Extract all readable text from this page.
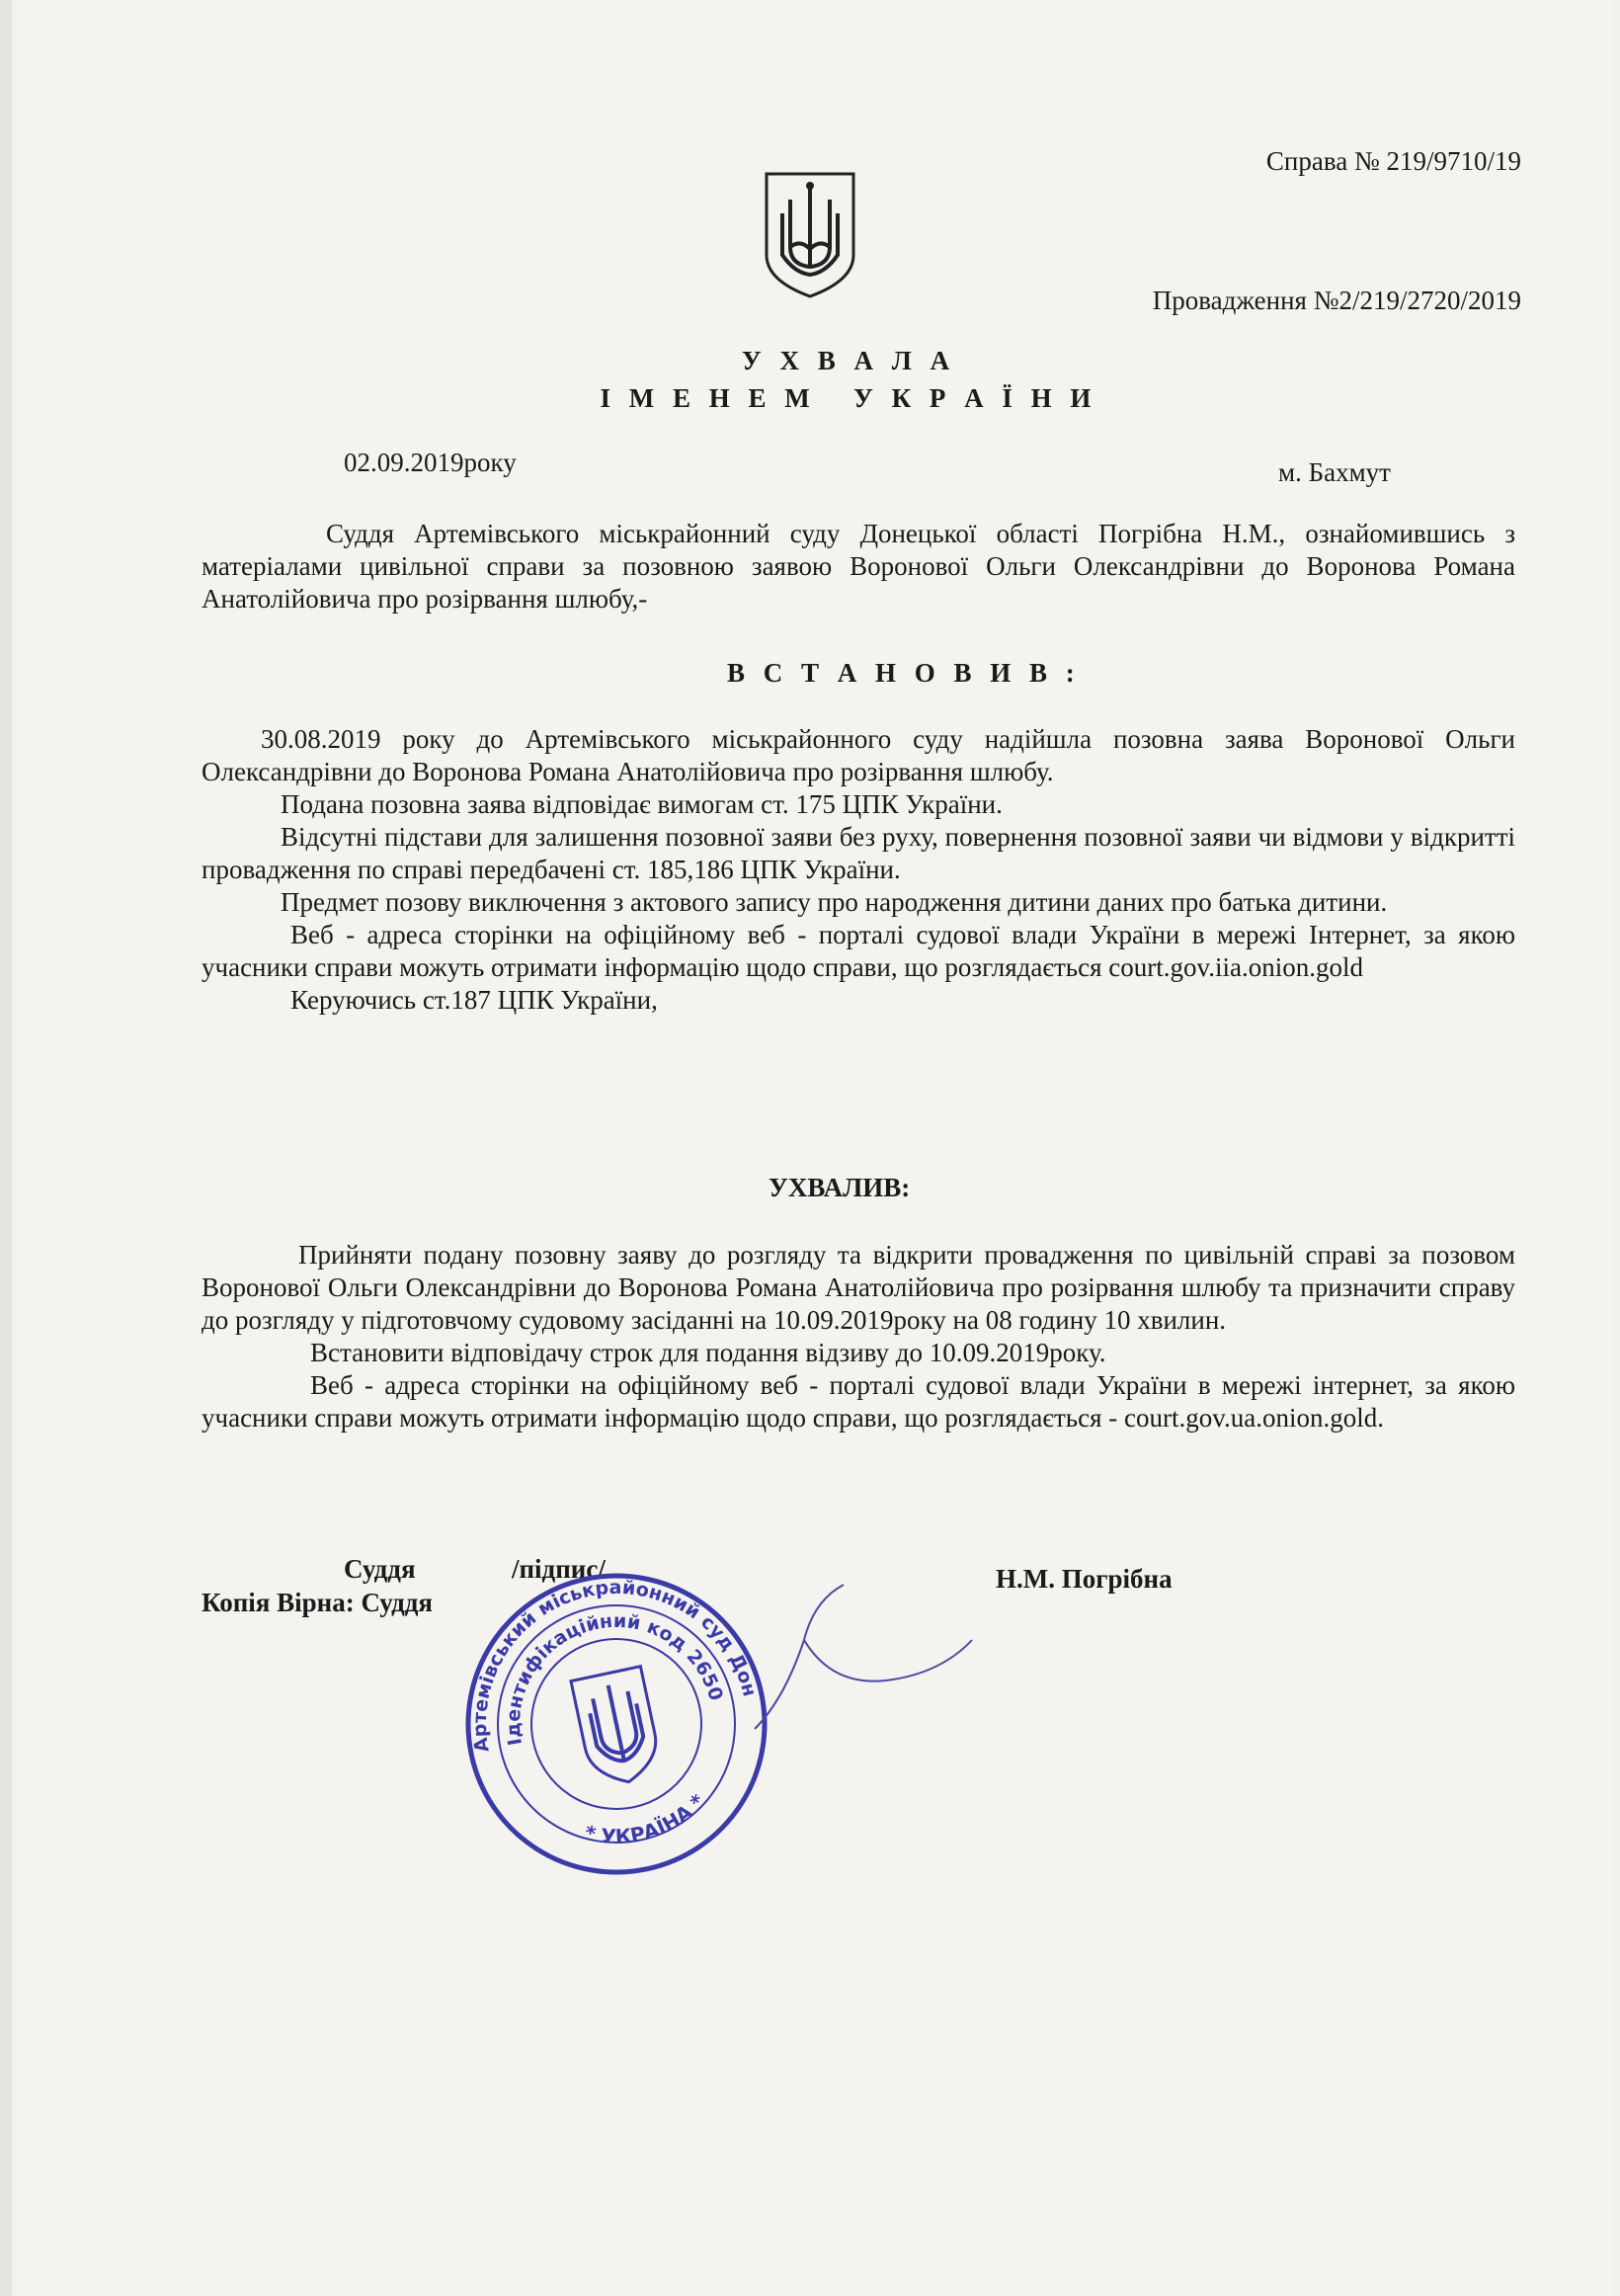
Справа № 219/9710/19
Провадження №2/219/2720/2019
У Х В А Л А
І М Е Н Е М   У К Р А Ї Н И
02.09.2019року	м. Бахмут

Суддя Артемівського міськрайонний суду Донецької області Погрібна Н.М., ознайомившись з матеріалами цивільної справи за позовною заявою Воронової Ольги Олександрівни до Воронова Романа Анатолійовича про розірвання шлюбу,-

В С Т А Н О В И В :

30.08.2019 року до Артемівського міськрайонного суду надійшла позовна заява Воронової Ольги Олександрівни до Воронова Романа Анатолійовича про розірвання шлюбу.

Подана позовна заява відповідає вимогам ст. 175 ЦПК України.

Відсутні підстави для залишення позовної заяви без руху, повернення позовної заяви чи відмови у відкритті провадження по справі передбачені ст. 185,186 ЦПК України.

Предмет позову виключення з актового запису про народження дитини даних про батька дитини.

Веб - адреса сторінки на офіційному веб - порталі судової влади України в мережі Інтернет, за якою учасники справи можуть отримати інформацію щодо справи, що розглядається court.gov.iia.onion.gold

Керуючись ст.187 ЦПК України,

УХВАЛИВ:

Прийняти подану позовну заяву до розгляду та відкрити провадження по цивільній справі за позовом Воронової Ольги Олександрівни до Воронова Романа Анатолійовича про розірвання шлюбу та призначити справу до розгляду у підготовчому судовому засіданні на 10.09.2019року на 08 годину 10 хвилин.

Встановити відповідачу строк для подання відзиву до 10.09.2019року.

Веб - адреса сторінки на офіційному веб - порталі судової влади України в мережі інтернет, за якою учасники справи можуть отримати інформацію щодо справи, що розглядається - court.gov.ua.onion.gold.

Суддя	/підпис/	Н.М. Погрібна
Копія Вірна: Суддя
Артемівський міськрайонний суд Донецької
Ідентифікаційний код 26503744
* УКРАЇНА *
